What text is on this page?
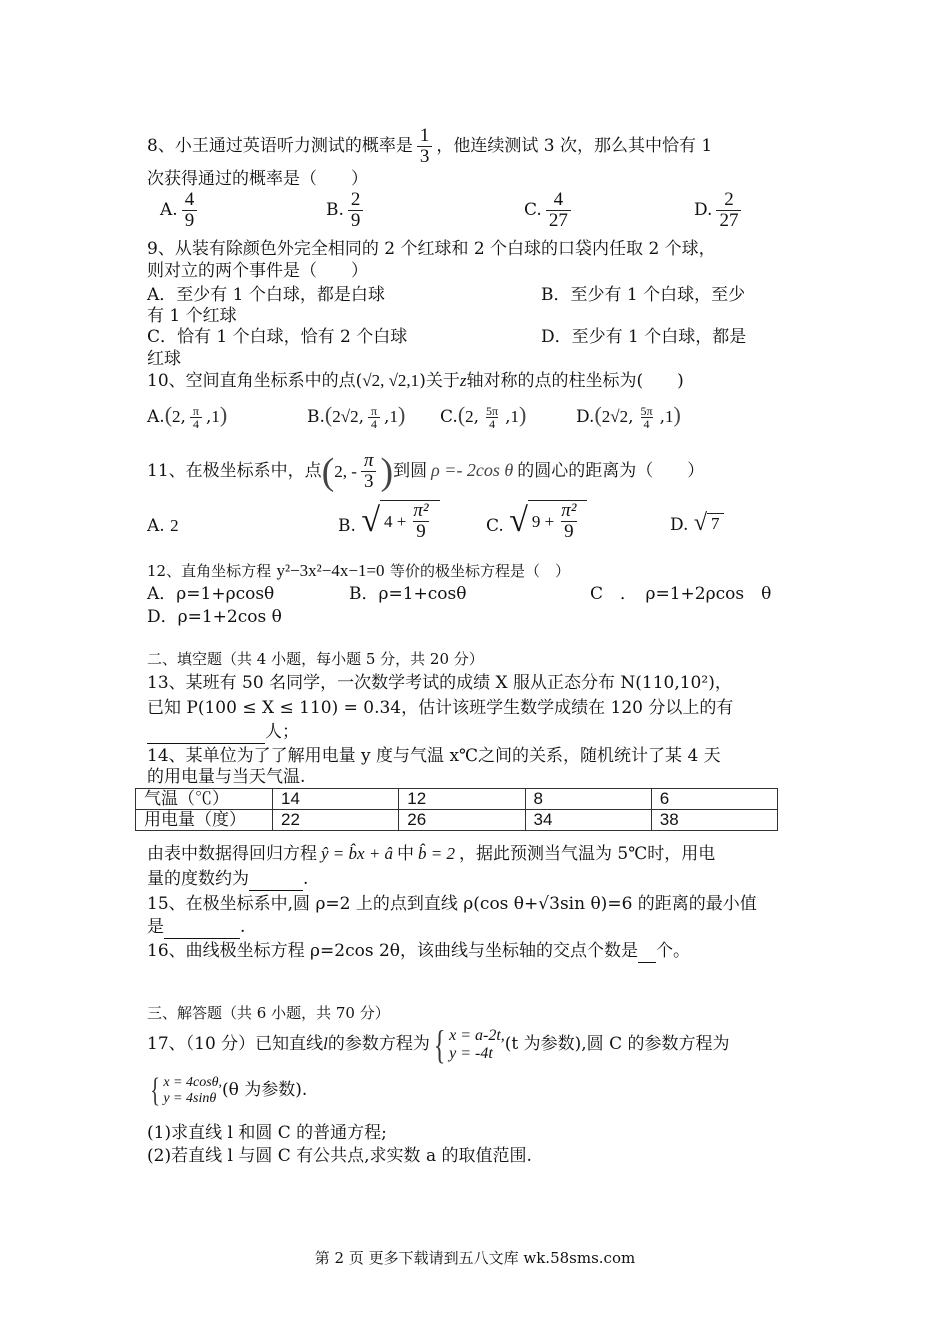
8、小王通过英语听力测试的概率是 $\frac{1}{3}$ ，他连续测试 3 次，那么其中恰有 1
次获得通过的概率是（　　）
A. $\frac{4}{9}$	B. $\frac{2}{9}$	C. $\frac{4}{27}$	D. $\frac{2}{27}$
9、从装有除颜色外完全相同的 2 个红球和 2 个白球的口袋内任取 2 个球，
则对立的两个事件是（　　）
A．至少有 1 个白球，都是白球	B．至少有 1 个白球，至少
有 1 个红球
C．恰有 1 个白球，恰有 2 个白球	D．至少有 1 个白球，都是
红球
10、空间直角坐标系中的点(√2, √2,1)关于z轴对称的点的柱坐标为(　　)
A.(2, $\frac{\pi}{4} ,1$)	B.(2√2, $\frac{\pi}{4} ,1$) C.(2, $\frac{5\pi}{4} ,1$)	D.(2√2, $\frac{5\pi}{4} ,1$)
11、在极坐标系中，点 ( 2, - $\frac{\pi}{3}$ ) 到圆 ρ =- 2cos θ 的圆心的距离为（　　）
A. 2	B. √ $4 + \frac{\text{π²}}{9}$	C. √ $9 + \frac{\text{π²}}{9}$	D. √ 7
12、直角坐标方程 y²−3x²−4x−1=0 等价的极坐标方程是（　）
A．ρ=1+ρcosθ	B．ρ=1+cosθ	C　．　ρ=1+2ρcos　θ
D．ρ=1+2cos θ
二、填空题（共 4 小题，每小题 5 分，共 20 分）
13、某班有 50 名同学，一次数学考试的成绩 X 服从正态分布 N(110,10²)，
已知 P(100 ≤ X ≤ 110) = 0.34，估计该班学生数学成绩在 120 分以上的有
人；
14、某单位为了了解用电量 y 度与气温 x℃之间的关系，随机统计了某 4 天
的用电量与当天气温.
气温（℃）	14	12	8	6
用电量（度）	22	26	34	38
由表中数据得回归方程 ŷ = b̂x + â 中 b̂ = 2 ，据此预测当气温为 5℃时，用电
量的度数约为	.
15、在极坐标系中,圆 ρ=2 上的点到直线 ρ(cos θ+√3sin θ)=6 的距离的最小值
是	.
16、曲线极坐标方程 ρ=2cos 2θ，该曲线与坐标轴的交点个数是 个。
三、解答题（共 6 小题，共 70 分）
17、（10 分）已知直线l的参数方程为 { x = a-2t,
y = -4t (t 为参数),圆 C 的参数方程为
{ x = 4cosθ,
y = 4sinθ (θ 为参数).
(1)求直线 l 和圆 C 的普通方程;
(2)若直线 l 与圆 C 有公共点,求实数 a 的取值范围.
第 2 页 更多下载请到五八文库 wk.58sms.com
